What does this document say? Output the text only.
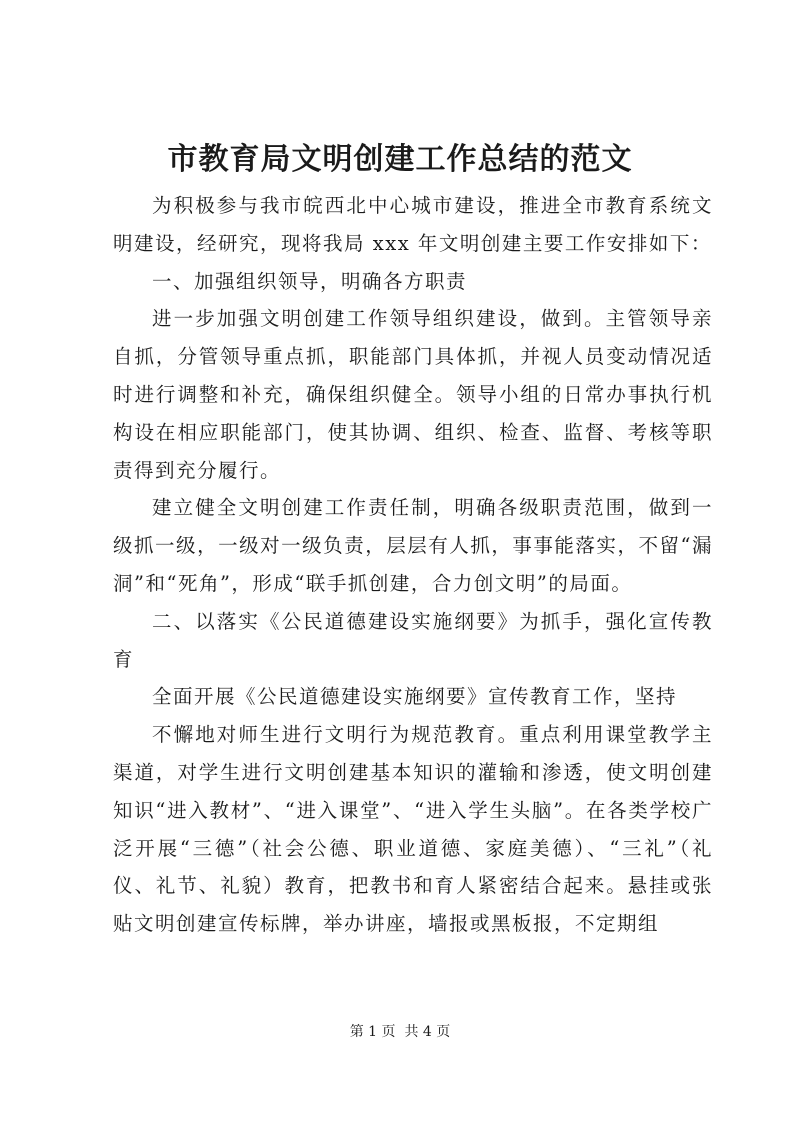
市教育局文明创建工作总结的范文

为积极参与我市皖西北中心城市建设，推进全市教育系统文明建设，经研究，现将我局 xxx 年文明创建主要工作安排如下：

一、加强组织领导，明确各方职责

进一步加强文明创建工作领导组织建设，做到。主管领导亲自抓，分管领导重点抓，职能部门具体抓，并视人员变动情况适时进行调整和补充，确保组织健全。领导小组的日常办事执行机构设在相应职能部门，使其协调、组织、检查、监督、考核等职责得到充分履行。

建立健全文明创建工作责任制，明确各级职责范围，做到一级抓一级，一级对一级负责，层层有人抓，事事能落实，不留“漏洞”和“死角”，形成“联手抓创建，合力创文明”的局面。

二、以落实《公民道德建设实施纲要》为抓手，强化宣传教育

全面开展《公民道德建设实施纲要》宣传教育工作，坚持

不懈地对师生进行文明行为规范教育。重点利用课堂教学主渠道，对学生进行文明创建基本知识的灌输和渗透，使文明创建知识“进入教材”、“进入课堂”、“进入学生头脑”。在各类学校广泛开展“三德”（社会公德、职业道德、家庭美德）、“三礼”（礼仪、礼节、礼貌）教育，把教书和育人紧密结合起来。悬挂或张贴文明创建宣传标牌，举办讲座，墙报或黑板报，不定期组

第 1 页  共 4 页
